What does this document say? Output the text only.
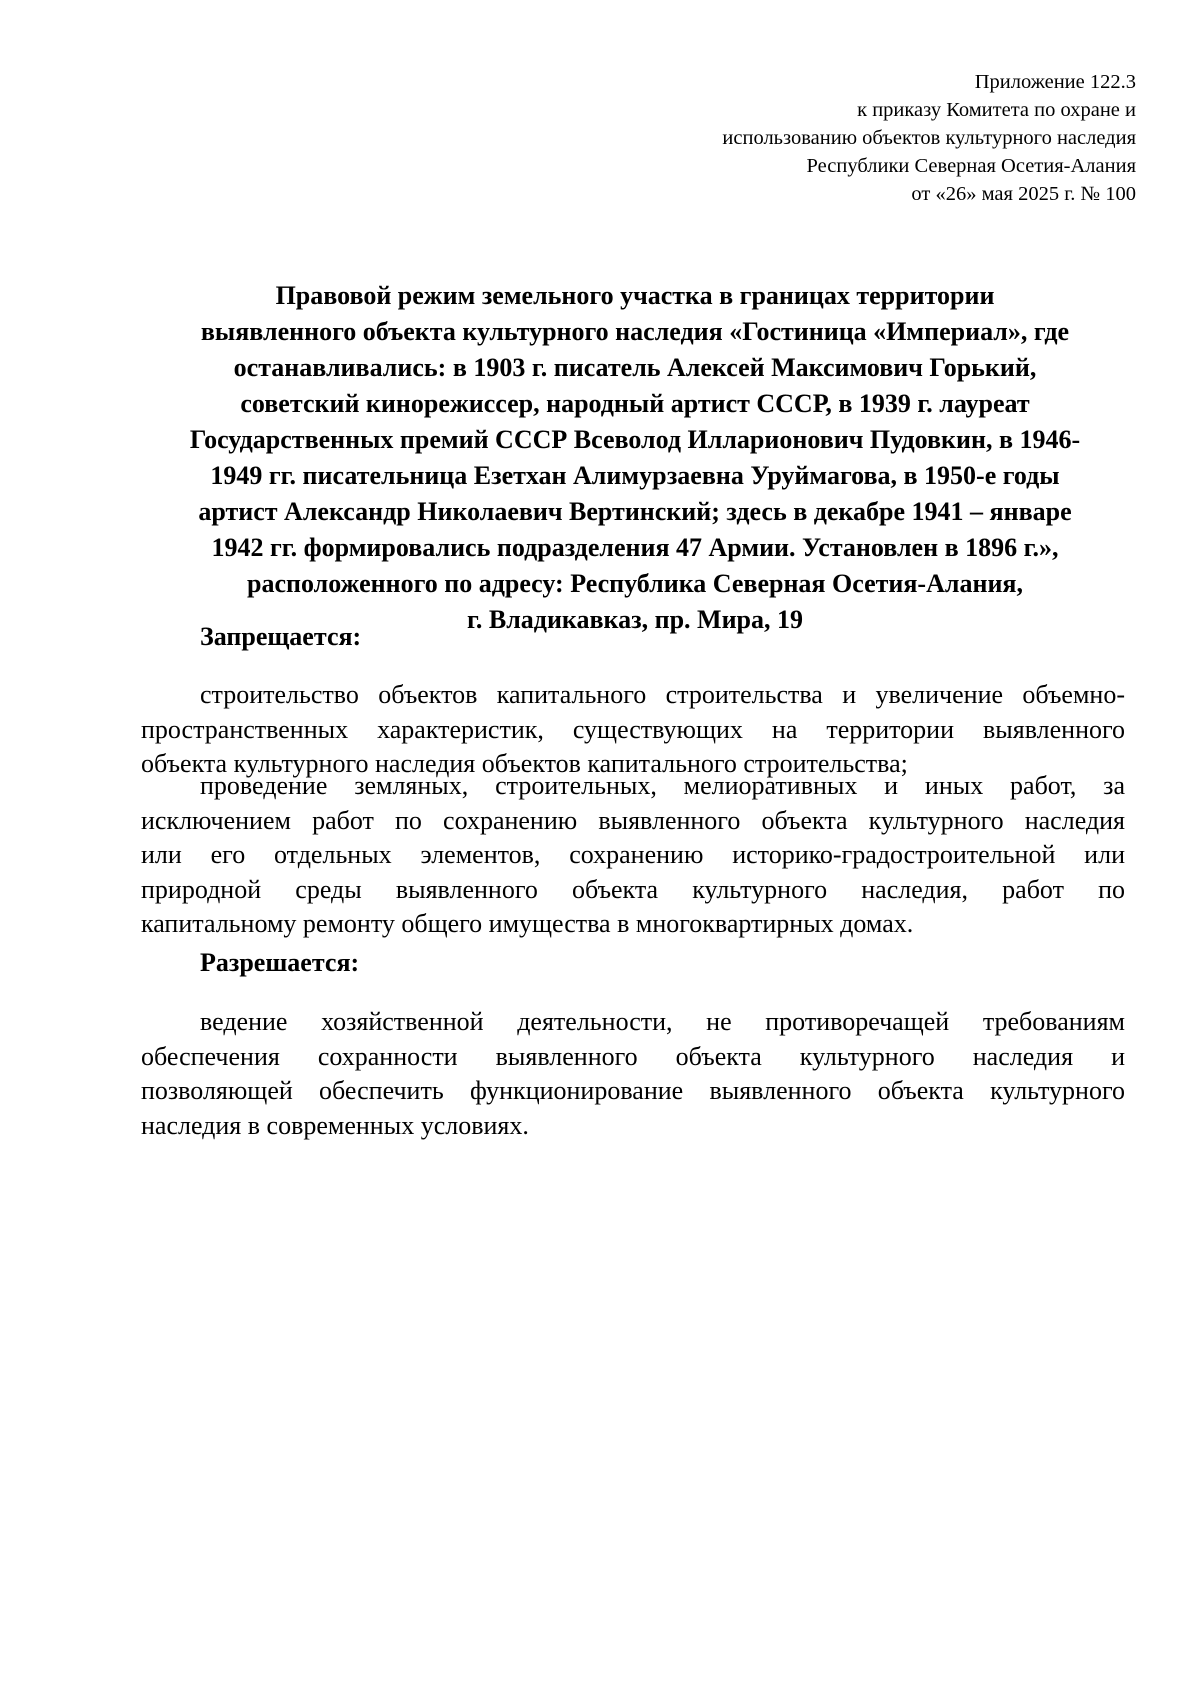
Приложение 122.3
к приказу Комитета по охране и
использованию объектов культурного наследия
Республики Северная Осетия-Алания
от «26» мая 2025 г. № 100
Правовой режим земельного участка в границах территории
выявленного объекта культурного наследия «Гостиница «Империал», где
останавливались: в 1903 г. писатель Алексей Максимович Горький,
советский кинорежиссер, народный артист СССР, в 1939 г. лауреат
Государственных премий СССР Всеволод Илларионович Пудовкин, в 1946-
1949 гг. писательница Езетхан Алимурзаевна Уруймагова, в 1950-е годы
артист Александр Николаевич Вертинский; здесь в декабре 1941 – январе
1942 гг. формировались подразделения 47 Армии. Установлен в 1896 г.»,
расположенного по адресу: Республика Северная Осетия-Алания,
г. Владикавказ, пр. Мира, 19
Запрещается:
строительство объектов капитального строительства и увеличение объемно-
пространственных характеристик, существующих на территории выявленного
объекта культурного наследия объектов капитального строительства;
проведение земляных, строительных, мелиоративных и иных работ, за
исключением работ по сохранению выявленного объекта культурного наследия
или его отдельных элементов, сохранению историко-градостроительной или
природной среды выявленного объекта культурного наследия, работ по
капитальному ремонту общего имущества в многоквартирных домах.
Разрешается:
ведение хозяйственной деятельности, не противоречащей требованиям
обеспечения сохранности выявленного объекта культурного наследия и
позволяющей обеспечить функционирование выявленного объекта культурного
наследия в современных условиях.
